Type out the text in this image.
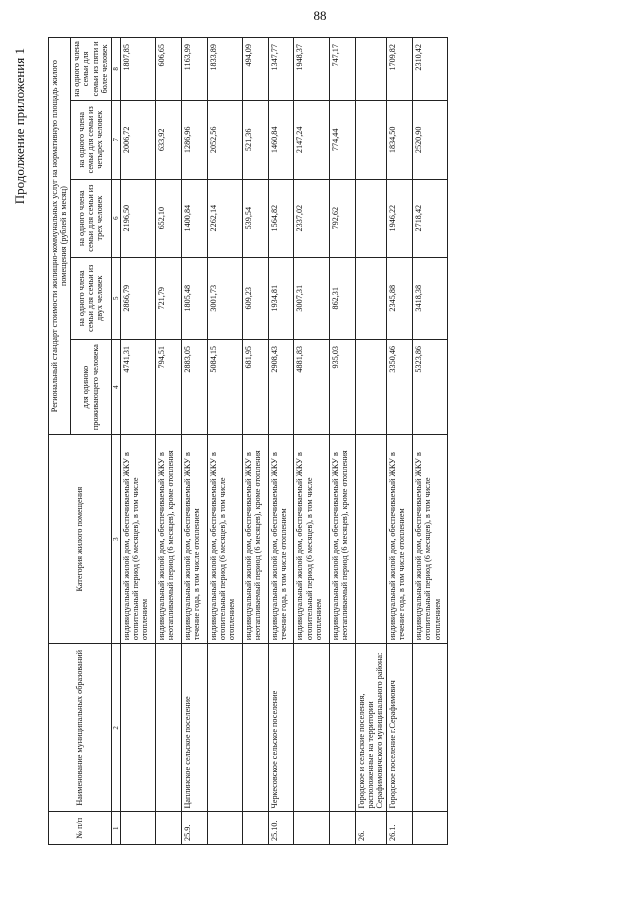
88
Продолжение приложения 1
№ п/п	Наименование муниципальных образований	Категория жилого помещения	Региональный стандарт стоимости жилищно-коммунальных услуг на нормативную площадь жилого помещения (рублей в месяц)				
			для одиноко проживающего человека	на одного члена семьи для семьи из двух человек	на одного члена семьи для семьи из трех человек	на одного члена семьи для семьи из четырех человек	на одного члена семьи для семьи из пяти и более человек
1	2	3	4	5	6	7	8
		индивидуальный жилой дом, обеспечиваемый ЖКУ в отопительный период (6 месяцев), в том числе отоплением	4741,31	2866,79	2196,50	2006,72	1807,85
		индивидуальный жилой дом, обеспечиваемый ЖКУ в неотапливаемый период (6 месяцев), кроме отопления	794,51	721,79	652,10	633,92	606,65
25.9.	Цаплинское сельское поселение	индивидуальный жилой дом, обеспечиваемый ЖКУ в течение года, в том числе отоплением	2883,05	1805,48	1400,84	1286,96	1163,99
		индивидуальный жилой дом, обеспечиваемый ЖКУ в отопительный период (6 месяцев), в том числе отоплением	5084,15	3001,73	2262,14	2052,56	1833,89
		индивидуальный жилой дом, обеспечиваемый ЖКУ в неотапливаемый период (6 месяцев), кроме отопления	681,95	609,23	539,54	521,36	494,09
25.10.	Черкесовское сельское поселение	индивидуальный жилой дом, обеспечиваемый ЖКУ в течение года, в том числе отоплением	2908,43	1934,81	1564,82	1460,84	1347,77
		индивидуальный жилой дом, обеспечиваемый ЖКУ в отопительный период (6 месяцев), в том числе отоплением	4881,83	3007,31	2337,02	2147,24	1948,37
		индивидуальный жилой дом, обеспечиваемый ЖКУ в неотапливаемый период (6 месяцев), кроме отопления	935,03	862,31	792,62	774,44	747,17
26.	Городское и сельские поселения, расположенные на территории Серафимовичского муниципального района:						
26.1.	Городское поселение г.Серафимович	индивидуальный жилой дом, обеспечиваемый ЖКУ в течение года, в том числе отоплением	3350,46	2345,88	1946,22	1834,50	1709,82
		индивидуальный жилой дом, обеспечиваемый ЖКУ в отопительный период (6 месяцев), в том числе отоплением	5323,86	3418,38	2718,42	2520,90	2310,42
